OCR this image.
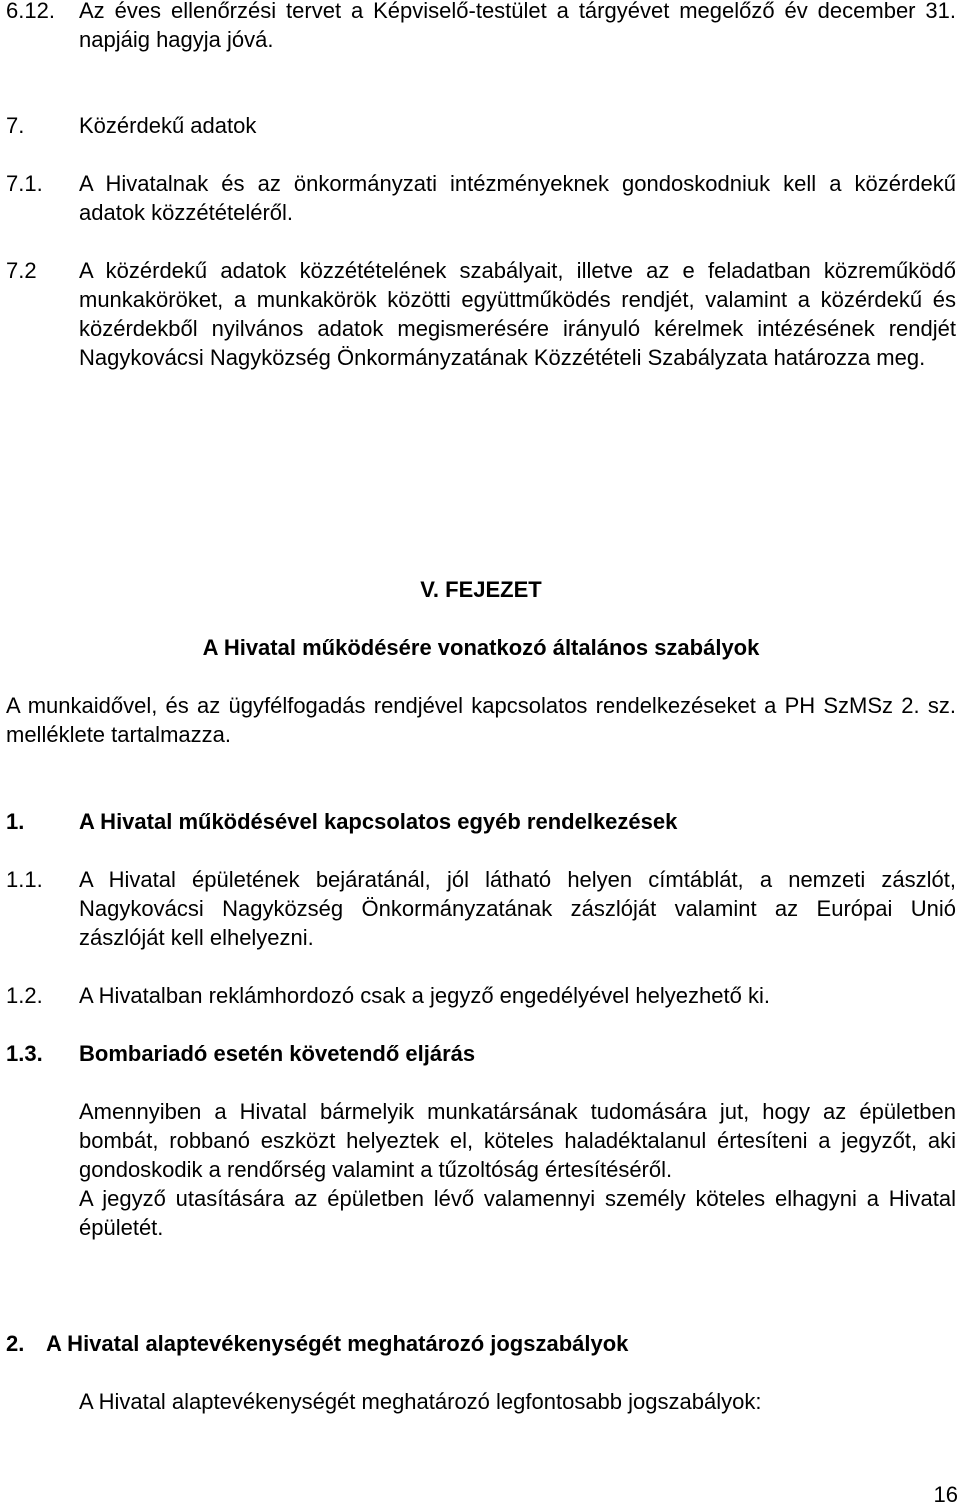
6.12.	Az éves ellenőrzési tervet a Képviselő-testület a tárgyévet megelőző év december 31. napjáig hagyja jóvá.
7.	Közérdekű adatok
7.1.	A Hivatalnak és az önkormányzati intézményeknek gondoskodniuk kell a közérdekű adatok közzétételéről.
7.2	A közérdekű adatok közzétételének szabályait, illetve az e feladatban közreműködő munkaköröket, a munkakörök közötti együttműködés rendjét, valamint a közérdekű és közérdekből nyilvános adatok megismerésére irányuló kérelmek intézésének rendjét Nagykovácsi Nagyközség Önkormányzatának Közzétételi Szabályzata határozza meg.
V. FEJEZET
A Hivatal működésére vonatkozó általános szabályok
A munkaidővel, és az ügyfélfogadás rendjével kapcsolatos rendelkezéseket a PH SzMSz 2. sz. melléklete tartalmazza.
1.	A Hivatal működésével kapcsolatos egyéb rendelkezések
1.1.	A Hivatal épületének bejáratánál, jól látható helyen címtáblát, a nemzeti zászlót, Nagykovácsi Nagyközség Önkormányzatának zászlóját valamint az Európai Unió zászlóját kell elhelyezni.
1.2.	A Hivatalban reklámhordozó csak a jegyző engedélyével helyezhető ki.
1.3.	Bombariadó esetén követendő eljárás
Amennyiben a Hivatal bármelyik munkatársának tudomására jut, hogy az épületben bombát, robbanó eszközt helyeztek el, köteles haladéktalanul értesíteni a jegyzőt, aki gondoskodik a rendőrség valamint a tűzoltóság értesítéséről.
A jegyző utasítására az épületben lévő valamennyi személy köteles elhagyni a Hivatal épületét.
2. A Hivatal alaptevékenységét meghatározó jogszabályok
A Hivatal alaptevékenységét meghatározó legfontosabb jogszabályok:
16
